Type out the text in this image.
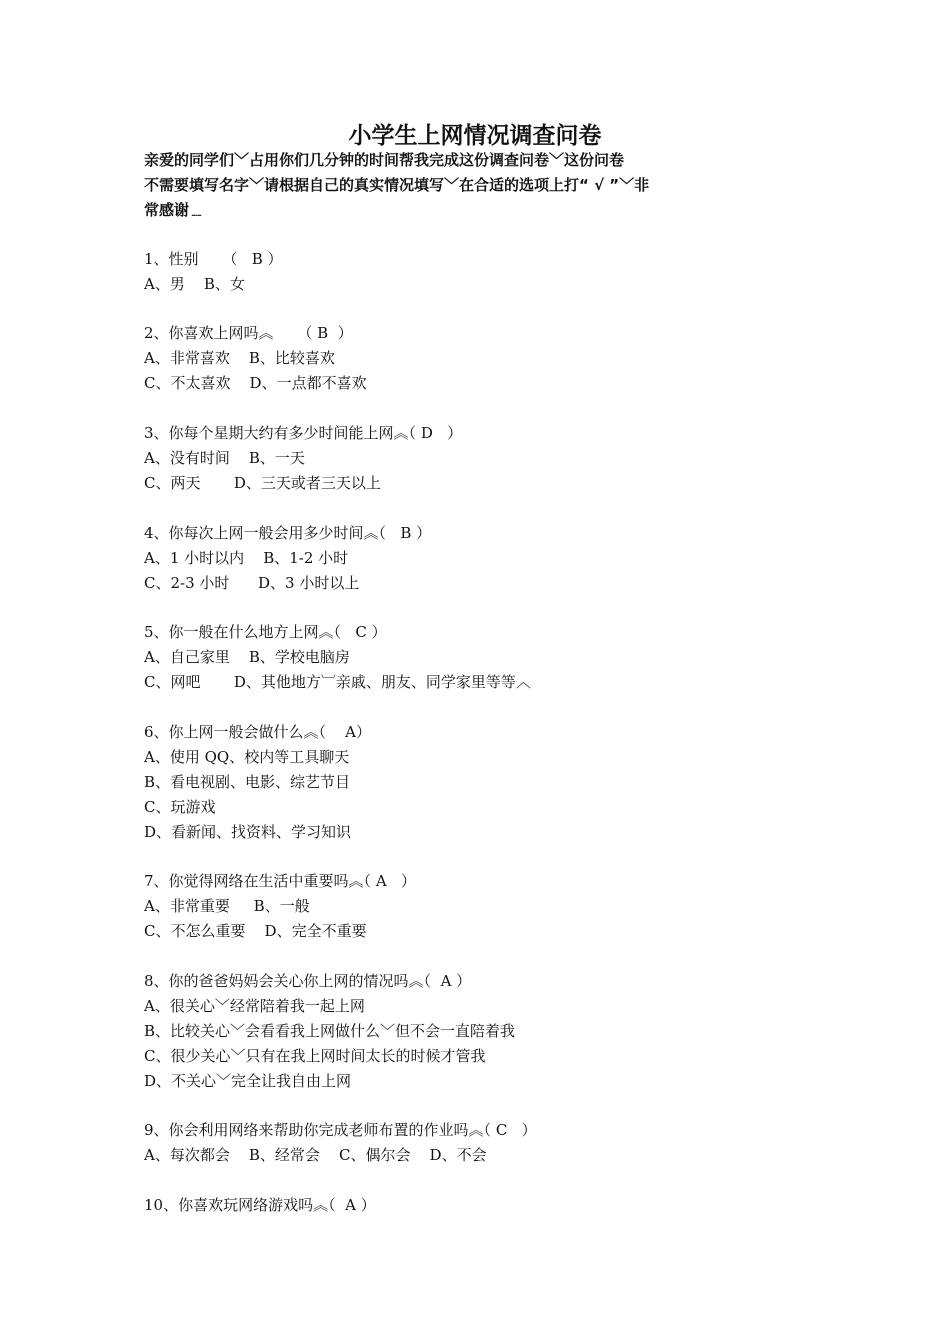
小学生上网情况调查问卷
亲爱的同学们﹀占用你们几分钟的时间帮我完成这份调查问卷﹀这份问卷
不需要填写名字﹀请根据自己的真实情况填写﹀在合适的选项上打“ √ ”﹀非
常感谢﹎
1、性别     （   B ）
A、男    B、女
2、你喜欢上网吗︽     （ B  ）
A、非常喜欢    B、比较喜欢
C、不太喜欢    D、一点都不喜欢
3、你每个星期大约有多少时间能上网︽（ D   ）
A、没有时间    B、一天
C、两天       D、三天或者三天以上
4、你每次上网一般会用多少时间︽（   B ）
A、1 小时以内    B、1-2 小时
C、2-3 小时      D、3 小时以上
5、你一般在什么地方上网︽（   C ）
A、自己家里    B、学校电脑房
C、网吧       D、其他地方︺亲戚、朋友、同学家里等等︿
6、你上网一般会做什么︽（    A）
A、使用 QQ、校内等工具聊天
B、看电视剧、电影、综艺节目
C、玩游戏
D、看新闻、找资料、学习知识
7、你觉得网络在生活中重要吗︽（ A   ）
A、非常重要     B、一般
C、不怎么重要    D、完全不重要
8、你的爸爸妈妈会关心你上网的情况吗︽（  A ）
A、很关心﹀经常陪着我一起上网
B、比较关心﹀会看看我上网做什么﹀但不会一直陪着我
C、很少关心﹀只有在我上网时间太长的时候才管我
D、不关心﹀完全让我自由上网
9、你会利用网络来帮助你完成老师布置的作业吗︽（ C   ）
A、每次都会    B、经常会    C、偶尔会    D、不会
10、你喜欢玩网络游戏吗︽（  A ）
